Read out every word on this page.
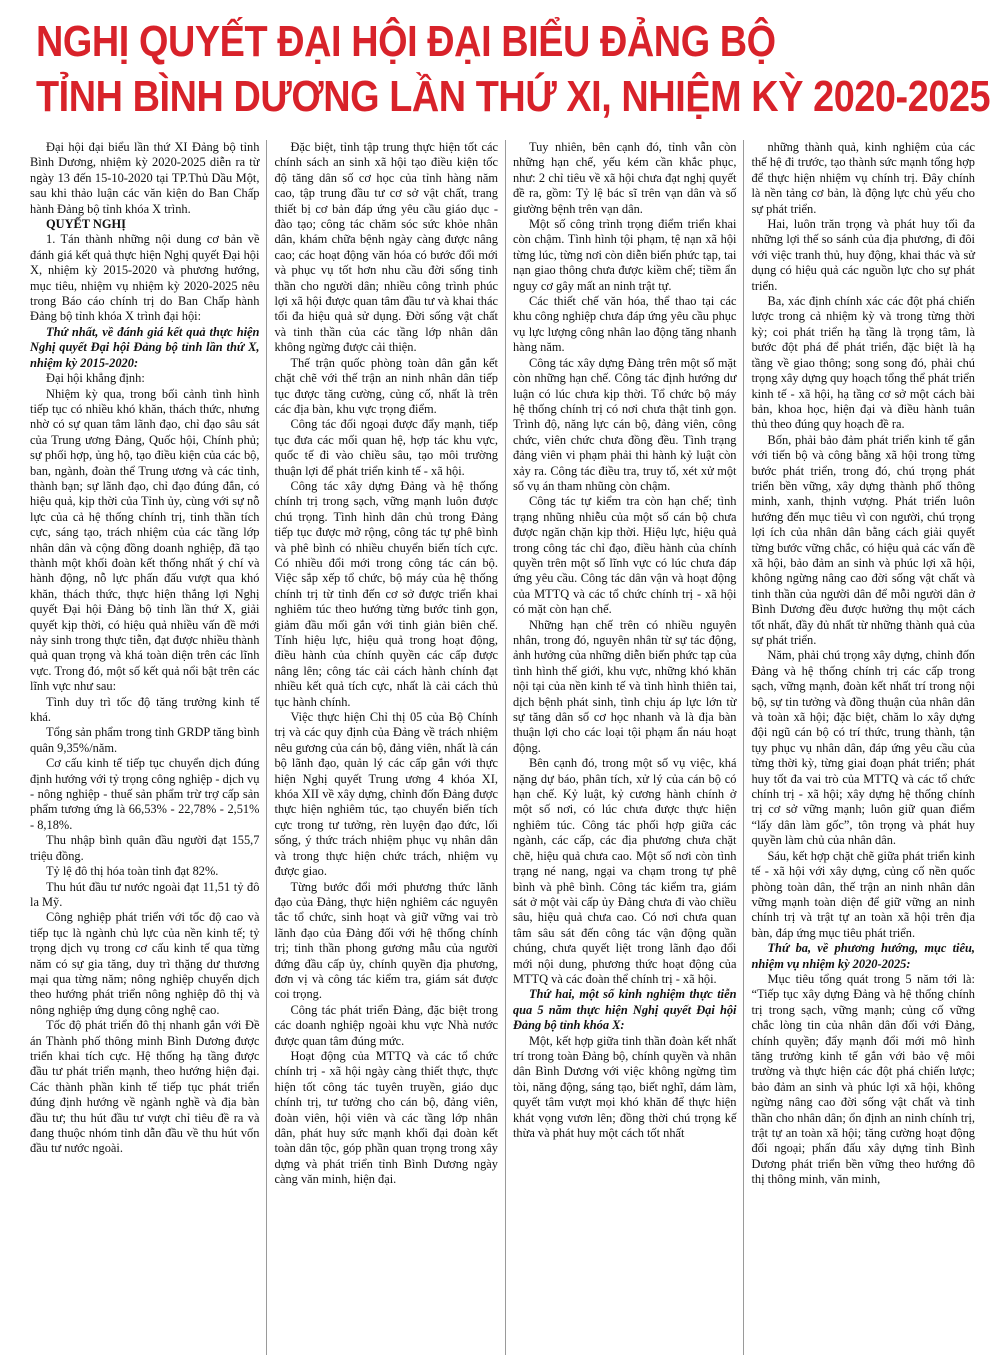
NGHỊ QUYẾT ĐẠI HỘI ĐẠI BIỂU ĐẢNG BỘ
TỈNH BÌNH DƯƠNG LẦN THỨ XI, NHIỆM KỲ 2020-2025

Đại hội đại biểu lần thứ XI Đảng bộ tỉnh Bình Dương, nhiệm kỳ 2020-2025 diễn ra từ ngày 13 đến 15-10-2020 tại TP.Thủ Dầu Một, sau khi thảo luận các văn kiện do Ban Chấp hành Đảng bộ tỉnh khóa X trình.

QUYẾT NGHỊ

1. Tán thành những nội dung cơ bản về đánh giá kết quả thực hiện Nghị quyết Đại hội X, nhiệm kỳ 2015-2020 và phương hướng, mục tiêu, nhiệm vụ nhiệm kỳ 2020-2025 nêu trong Báo cáo chính trị do Ban Chấp hành Đảng bộ tỉnh khóa X trình đại hội:

Thứ nhất, về đánh giá kết quả thực hiện Nghị quyết Đại hội Đảng bộ tỉnh lần thứ X, nhiệm kỳ 2015-2020:

Đại hội khẳng định:

Nhiệm kỳ qua, trong bối cảnh tình hình tiếp tục có nhiều khó khăn, thách thức, nhưng nhờ có sự quan tâm lãnh đạo, chỉ đạo sâu sát của Trung ương Đảng, Quốc hội, Chính phủ; sự phối hợp, ủng hộ, tạo điều kiện của các bộ, ban, ngành, đoàn thể Trung ương và các tỉnh, thành bạn; sự lãnh đạo, chỉ đạo đúng đắn, có hiệu quả, kịp thời của Tỉnh ủy, cùng với sự nỗ lực của cả hệ thống chính trị, tinh thần tích cực, sáng tạo, trách nhiệm của các tầng lớp nhân dân và cộng đồng doanh nghiệp, đã tạo thành một khối đoàn kết thống nhất ý chí và hành động, nỗ lực phấn đấu vượt qua khó khăn, thách thức, thực hiện thắng lợi Nghị quyết Đại hội Đảng bộ tỉnh lần thứ X, giải quyết kịp thời, có hiệu quả nhiều vấn đề mới nảy sinh trong thực tiễn, đạt được nhiều thành quả quan trọng và khá toàn diện trên các lĩnh vực. Trong đó, một số kết quả nổi bật trên các lĩnh vực như sau:

Tình duy trì tốc độ tăng trưởng kinh tế khá.

Tổng sản phẩm trong tỉnh GRDP tăng bình quân 9,35%/năm.

Cơ cấu kinh tế tiếp tục chuyển dịch đúng định hướng với tỷ trọng công nghiệp - dịch vụ - nông nghiệp - thuế sản phẩm trừ trợ cấp sản phẩm tương ứng là 66,53% - 22,78% - 2,51% - 8,18%.

Thu nhập bình quân đầu người đạt 155,7 triệu đồng.

Tỷ lệ đô thị hóa toàn tỉnh đạt 82%.

Thu hút đầu tư nước ngoài đạt 11,51 tỷ đô la Mỹ.

Công nghiệp phát triển với tốc độ cao và tiếp tục là ngành chủ lực của nền kinh tế; tỷ trọng dịch vụ trong cơ cấu kinh tế qua từng năm có sự gia tăng, duy trì thặng dư thương mại qua từng năm; nông nghiệp chuyển dịch theo hướng phát triển nông nghiệp đô thị và nông nghiệp ứng dụng công nghệ cao.

Tốc độ phát triển đô thị nhanh gắn với Đề án Thành phố thông minh Bình Dương được triển khai tích cực. Hệ thống hạ tầng được đầu tư phát triển mạnh, theo hướng hiện đại. Các thành phần kinh tế tiếp tục phát triển đúng định hướng về ngành nghề và địa bàn đầu tư; thu hút đầu tư vượt chỉ tiêu đề ra và đang thuộc nhóm tỉnh dẫn đầu về thu hút vốn đầu tư nước ngoài.

Đặc biệt, tỉnh tập trung thực hiện tốt các chính sách an sinh xã hội tạo điều kiện tốc độ tăng dân số cơ học của tỉnh hàng năm cao, tập trung đầu tư cơ sở vật chất, trang thiết bị cơ bản đáp ứng yêu cầu giáo dục - đào tạo; công tác chăm sóc sức khỏe nhân dân, khám chữa bệnh ngày càng được nâng cao; các hoạt động văn hóa có bước đổi mới và phục vụ tốt hơn nhu cầu đời sống tinh thần cho người dân; nhiều công trình phúc lợi xã hội được quan tâm đầu tư và khai thác tối đa hiệu quả sử dụng. Đời sống vật chất và tinh thần của các tầng lớp nhân dân không ngừng được cải thiện.

Thế trận quốc phòng toàn dân gắn kết chặt chẽ với thế trận an ninh nhân dân tiếp tục được tăng cường, củng cố, nhất là trên các địa bàn, khu vực trọng điểm.

Công tác đối ngoại được đẩy mạnh, tiếp tục đưa các mối quan hệ, hợp tác khu vực, quốc tế đi vào chiều sâu, tạo môi trường thuận lợi để phát triển kinh tế - xã hội.

Công tác xây dựng Đảng và hệ thống chính trị trong sạch, vững mạnh luôn được chú trọng. Tình hình dân chủ trong Đảng tiếp tục được mở rộng, công tác tự phê bình và phê bình có nhiều chuyển biến tích cực. Có nhiều đổi mới trong công tác cán bộ. Việc sắp xếp tổ chức, bộ máy của hệ thống chính trị từ tỉnh đến cơ sở được triển khai nghiêm túc theo hướng từng bước tinh gọn, giảm đầu mối gắn với tinh giản biên chế. Tính hiệu lực, hiệu quả trong hoạt động, điều hành của chính quyền các cấp được nâng lên; công tác cải cách hành chính đạt nhiều kết quả tích cực, nhất là cải cách thủ tục hành chính.

Việc thực hiện Chỉ thị 05 của Bộ Chính trị và các quy định của Đảng về trách nhiệm nêu gương của cán bộ, đảng viên, nhất là cán bộ lãnh đạo, quản lý các cấp gắn với thực hiện Nghị quyết Trung ương 4 khóa XI, khóa XII về xây dựng, chỉnh đốn Đảng được thực hiện nghiêm túc, tạo chuyển biến tích cực trong tư tưởng, rèn luyện đạo đức, lối sống, ý thức trách nhiệm phục vụ nhân dân và trong thực hiện chức trách, nhiệm vụ được giao.

Từng bước đổi mới phương thức lãnh đạo của Đảng, thực hiện nghiêm các nguyên tắc tổ chức, sinh hoạt và giữ vững vai trò lãnh đạo của Đảng đối với hệ thống chính trị; tinh thần phong gương mẫu của người đứng đầu cấp ủy, chính quyền địa phương, đơn vị và công tác kiểm tra, giám sát được coi trọng.

Công tác phát triển Đảng, đặc biệt trong các doanh nghiệp ngoài khu vực Nhà nước được quan tâm đúng mức.

Hoạt động của MTTQ và các tổ chức chính trị - xã hội ngày càng thiết thực, thực hiện tốt công tác tuyên truyền, giáo dục chính trị, tư tưởng cho cán bộ, đảng viên, đoàn viên, hội viên và các tầng lớp nhân dân, phát huy sức mạnh khối đại đoàn kết toàn dân tộc, góp phần quan trọng trong xây dựng và phát triển tỉnh Bình Dương ngày càng văn minh, hiện đại.

Tuy nhiên, bên cạnh đó, tỉnh vẫn còn những hạn chế, yếu kém cần khắc phục, như: 2 chỉ tiêu về xã hội chưa đạt nghị quyết đề ra, gồm: Tỷ lệ bác sĩ trên vạn dân và số giường bệnh trên vạn dân.

Một số công trình trọng điểm triển khai còn chậm. Tình hình tội phạm, tệ nạn xã hội từng lúc, từng nơi còn diễn biến phức tạp, tai nạn giao thông chưa được kiềm chế; tiềm ẩn nguy cơ gây mất an ninh trật tự.

Các thiết chế văn hóa, thể thao tại các khu công nghiệp chưa đáp ứng yêu cầu phục vụ lực lượng công nhân lao động tăng nhanh hàng năm.

Công tác xây dựng Đảng trên một số mặt còn những hạn chế. Công tác định hướng dư luận có lúc chưa kịp thời. Tổ chức bộ máy hệ thống chính trị có nơi chưa thật tinh gọn. Trình độ, năng lực cán bộ, đảng viên, công chức, viên chức chưa đồng đều. Tình trạng đảng viên vi phạm phải thi hành kỷ luật còn xảy ra. Công tác điều tra, truy tố, xét xử một số vụ án tham nhũng còn chậm.

Công tác tự kiểm tra còn hạn chế; tình trạng nhũng nhiễu của một số cán bộ chưa được ngăn chặn kịp thời. Hiệu lực, hiệu quả trong công tác chỉ đạo, điều hành của chính quyền trên một số lĩnh vực có lúc chưa đáp ứng yêu cầu. Công tác dân vận và hoạt động của MTTQ và các tổ chức chính trị - xã hội có mặt còn hạn chế.

Những hạn chế trên có nhiều nguyên nhân, trong đó, nguyên nhân từ sự tác động, ảnh hưởng của những diễn biến phức tạp của tình hình thế giới, khu vực, những khó khăn nội tại của nền kinh tế và tình hình thiên tai, dịch bệnh phát sinh, tình chịu áp lực lớn từ sự tăng dân số cơ học nhanh và là địa bàn thuận lợi cho các loại tội phạm ẩn náu hoạt động.

Bên cạnh đó, trong một số vụ việc, khá nặng dự báo, phân tích, xử lý của cán bộ có hạn chế. Kỷ luật, kỷ cương hành chính ở một số nơi, có lúc chưa được thực hiện nghiêm túc. Công tác phối hợp giữa các ngành, các cấp, các địa phương chưa chặt chẽ, hiệu quả chưa cao. Một số nơi còn tình trạng né nang, ngại va chạm trong tự phê bình và phê bình. Công tác kiểm tra, giám sát ở một vài cấp ủy Đảng chưa đi vào chiều sâu, hiệu quả chưa cao. Có nơi chưa quan tâm sâu sát đến công tác vận động quần chúng, chưa quyết liệt trong lãnh đạo đổi mới nội dung, phương thức hoạt động của MTTQ và các đoàn thể chính trị - xã hội.

Thứ hai, một số kinh nghiệm thực tiễn qua 5 năm thực hiện Nghị quyết Đại hội Đảng bộ tỉnh khóa X:

Một, kết hợp giữa tinh thần đoàn kết nhất trí trong toàn Đảng bộ, chính quyền và nhân dân Bình Dương với việc không ngừng tìm tòi, năng động, sáng tạo, biết nghĩ, dám làm, quyết tâm vượt mọi khó khăn để thực hiện khát vọng vươn lên; đồng thời chú trọng kế thừa và phát huy một cách tốt nhất

những thành quả, kinh nghiệm của các thế hệ đi trước, tạo thành sức mạnh tổng hợp để thực hiện nhiệm vụ chính trị. Đây chính là nền tảng cơ bản, là động lực chủ yếu cho sự phát triển.

Hai, luôn trăn trọng và phát huy tối đa những lợi thế so sánh của địa phương, đi đôi với việc tranh thủ, huy động, khai thác và sử dụng có hiệu quả các nguồn lực cho sự phát triển.

Ba, xác định chính xác các đột phá chiến lược trong cả nhiệm kỳ và trong từng thời kỳ; coi phát triển hạ tầng là trọng tâm, là bước đột phá để phát triển, đặc biệt là hạ tầng về giao thông; song song đó, phải chú trọng xây dựng quy hoạch tổng thể phát triển kinh tế - xã hội, hạ tầng cơ sở một cách bài bản, khoa học, hiện đại và điều hành tuân thủ theo đúng quy hoạch đề ra.

Bốn, phải bảo đảm phát triển kinh tế gắn với tiến bộ và công bằng xã hội trong từng bước phát triển, trong đó, chú trọng phát triển bền vững, xây dựng thành phố thông minh, xanh, thịnh vượng. Phát triển luôn hướng đến mục tiêu vì con người, chú trọng lợi ích của nhân dân bằng cách giải quyết từng bước vững chắc, có hiệu quả các vấn đề xã hội, bảo đảm an sinh và phúc lợi xã hội, không ngừng nâng cao đời sống vật chất và tinh thần của người dân để mỗi người dân ở Bình Dương đều được hưởng thụ một cách tốt nhất, đầy đủ nhất từ những thành quả của sự phát triển.

Năm, phải chú trọng xây dựng, chỉnh đốn Đảng và hệ thống chính trị các cấp trong sạch, vững mạnh, đoàn kết nhất trí trong nội bộ, sự tin tưởng và đồng thuận của nhân dân và toàn xã hội; đặc biệt, chăm lo xây dựng đội ngũ cán bộ có trí thức, trung thành, tận tụy phục vụ nhân dân, đáp ứng yêu cầu của từng thời kỳ, từng giai đoạn phát triển; phát huy tốt đa vai trò của MTTQ và các tổ chức chính trị - xã hội; xây dựng hệ thống chính trị cơ sở vững mạnh; luôn giữ quan điểm “lấy dân làm gốc”, tôn trọng và phát huy quyền làm chủ của nhân dân.

Sáu, kết hợp chặt chẽ giữa phát triển kinh tế - xã hội với xây dựng, củng cố nền quốc phòng toàn dân, thế trận an ninh nhân dân vững mạnh toàn diện để giữ vững an ninh chính trị và trật tự an toàn xã hội trên địa bàn, đáp ứng mục tiêu phát triển.

Thứ ba, về phương hướng, mục tiêu, nhiệm vụ nhiệm kỳ 2020-2025:

Mục tiêu tổng quát trong 5 năm tới là: “Tiếp tục xây dựng Đảng và hệ thống chính trị trong sạch, vững mạnh; củng cố vững chắc lòng tin của nhân dân đối với Đảng, chính quyền; đẩy mạnh đổi mới mô hình tăng trưởng kinh tế gắn với bảo vệ môi trường và thực hiện các đột phá chiến lược; bảo đảm an sinh và phúc lợi xã hội, không ngừng nâng cao đời sống vật chất và tinh thần cho nhân dân; ổn định an ninh chính trị, trật tự an toàn xã hội; tăng cường hoạt động đối ngoại; phấn đấu xây dựng tỉnh Bình Dương phát triển bền vững theo hướng đô thị thông minh, văn minh,
